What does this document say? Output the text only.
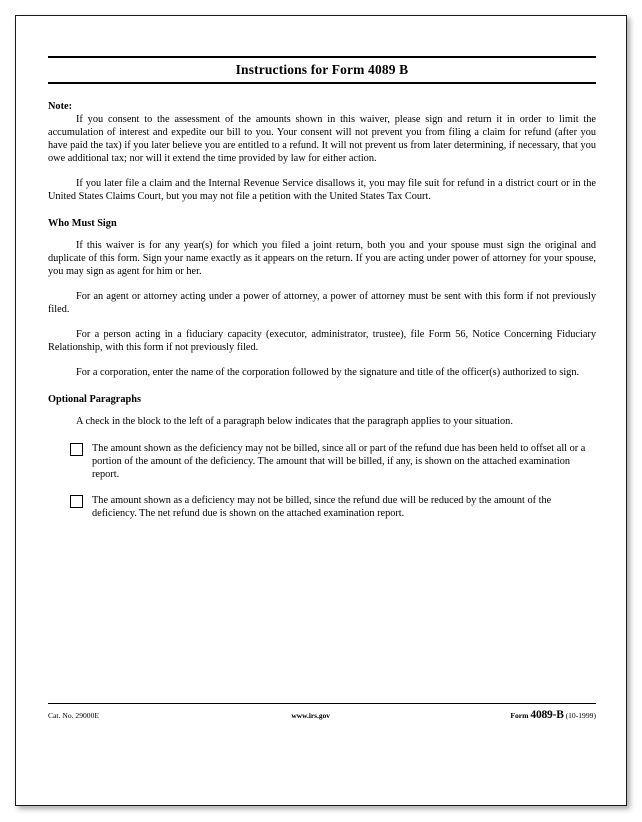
Instructions for Form 4089 B
Note:

If you consent to the assessment of the amounts shown in this waiver, please sign and return it in order to limit the accumulation of interest and expedite our bill to you. Your consent will not prevent you from filing a claim for refund (after you have paid the tax) if you later believe you are entitled to a refund. It will not prevent us from later determining, if necessary, that you owe additional tax; nor will it extend the time provided by law for either action.

If you later file a claim and the Internal Revenue Service disallows it, you may file suit for refund in a district court or in the United States Claims Court, but you may not file a petition with the United States Tax Court.

Who Must Sign

If this waiver is for any year(s) for which you filed a joint return, both you and your spouse must sign the original and duplicate of this form. Sign your name exactly as it appears on the return. If you are acting under power of attorney for your spouse, you may sign as agent for him or her.

For an agent or attorney acting under a power of attorney, a power of attorney must be sent with this form if not previously filed.

For a person acting in a fiduciary capacity (executor, administrator, trustee), file Form 56, Notice Concerning Fiduciary Relationship, with this form if not previously filed.

For a corporation, enter the name of the corporation followed by the signature and title of the officer(s) authorized to sign.

Optional Paragraphs

A check in the block to the left of a paragraph below indicates that the paragraph applies to your situation.

The amount shown as the deficiency may not be billed, since all or part of the refund due has been held to offset all or a portion of the amount of the deficiency. The amount that will be billed, if any, is shown on the attached examination report.
The amount shown as a deficiency may not be billed, since the refund due will be reduced by the amount of the deficiency. The net refund due is shown on the attached examination report.
Cat. No. 29000E	www.irs.gov	Form 4089-B (10-1999)
